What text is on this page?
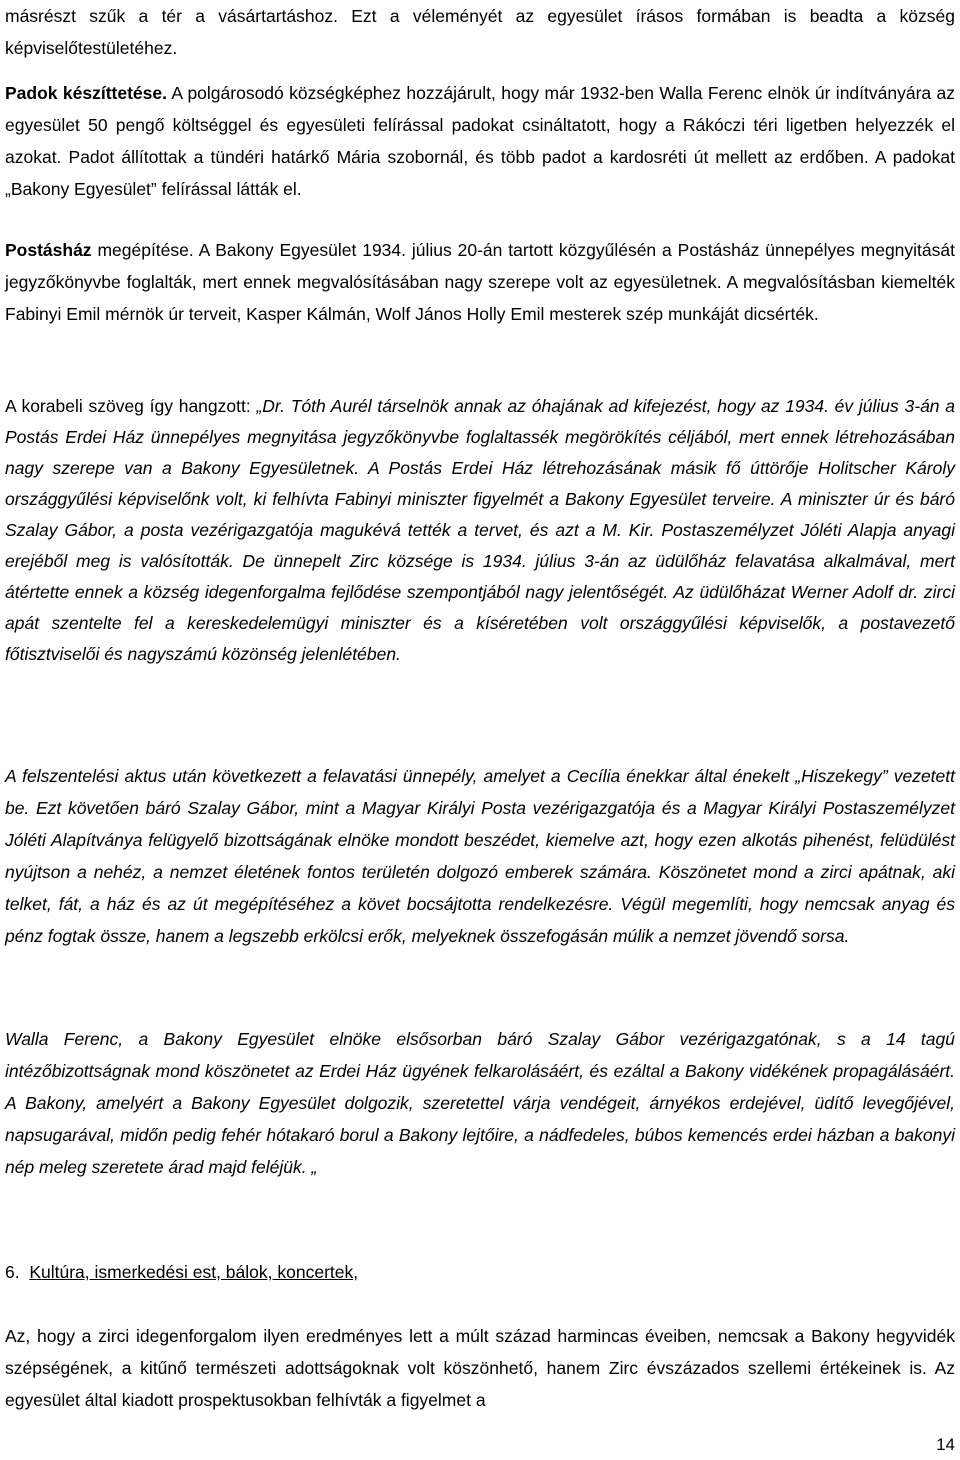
másrészt szűk a tér a vásártartáshoz. Ezt a véleményét az egyesület írásos formában is beadta a község képviselőtestületéhez.

Padok készíttetése. A polgárosodó községképhez hozzájárult, hogy már 1932-ben Walla Ferenc elnök úr indítványára az egyesület 50 pengő költséggel és egyesületi felírással padokat csináltatott, hogy a Rákóczi téri ligetben helyezzék el azokat. Padot állítottak a tündéri határkő Mária szobornál, és több padot a kardosréti út mellett az erdőben. A padokat „Bakony Egyesület” felírással látták el.

Postásház megépítése. A Bakony Egyesület 1934. július 20-án tartott közgyűlésén a Postásház ünnepélyes megnyitását jegyzőkönyvbe foglalták, mert ennek megvalósításában nagy szerepe volt az egyesületnek. A megvalósításban kiemelték Fabinyi Emil mérnök úr terveit, Kasper Kálmán, Wolf János Holly Emil mesterek szép munkáját dicsérték.

A korabeli szöveg így hangzott: „Dr. Tóth Aurél társelnök annak az óhajának ad kifejezést, hogy az 1934. év július 3-án a Postás Erdei Ház ünnepélyes megnyitása jegyzőkönyvbe foglaltassék megörökítés céljából, mert ennek létrehozásában nagy szerepe van a Bakony Egyesületnek. A Postás Erdei Ház létrehozásának másik fő úttörője Holitscher Károly országgyűlési képviselőnk volt, ki felhívta Fabinyi miniszter figyelmét a Bakony Egyesület terveire. A miniszter úr és báró Szalay Gábor, a posta vezérigazgatója magukévá tették a tervet, és azt a M. Kir. Postaszemélyzet Jóléti Alapja anyagi erejéből meg is valósították. De ünnepelt Zirc községe is 1934. július 3-án az üdülőház felavatása alkalmával, mert átértette ennek a község idegenforgalma fejlődése szempontjából nagy jelentőségét. Az üdülőházat Werner Adolf dr. zirci apát szentelte fel a kereskedelemügyi miniszter és a kíséretében volt országgyűlési képviselők, a postavezető főtisztviselői és nagyszámú közönség jelenlétében.

A felszentelési aktus után következett a felavatási ünnepély, amelyet a Cecília énekkar által énekelt „Hiszekegy” vezetett be. Ezt követően báró Szalay Gábor, mint a Magyar Királyi Posta vezérigazgatója és a Magyar Királyi Postaszemélyzet Jóléti Alapítványa felügyelő bizottságának elnöke mondott beszédet, kiemelve azt, hogy ezen alkotás pihenést, felüdülést nyújtson a nehéz, a nemzet életének fontos területén dolgozó emberek számára. Köszönetet mond a zirci apátnak, aki telket, fát, a ház és az út megépítéséhez a követ bocsájtotta rendelkezésre. Végül megemlíti, hogy nemcsak anyag és pénz fogtak össze, hanem a legszebb erkölcsi erők, melyeknek összefogásán múlik a nemzet jövendő sorsa.

Walla Ferenc, a Bakony Egyesület elnöke elsősorban báró Szalay Gábor vezérigazgatónak, s a 14 tagú intézőbizottságnak mond köszönetet az Erdei Ház ügyének felkarolásáért, és ezáltal a Bakony vidékének propagálásáért. A Bakony, amelyért a Bakony Egyesület dolgozik, szeretettel várja vendégeit, árnyékos erdejével, üdítő levegőjével, napsugarával, midőn pedig fehér hótakaró borul a Bakony lejtőire, a nádfedeles, búbos kemencés erdei házban a bakonyi nép meleg szeretete árad majd feléjük. „

6. Kultúra, ismerkedési est, bálok, koncertek,

Az, hogy a zirci idegenforgalom ilyen eredményes lett a múlt század harmincas éveiben, nemcsak a Bakony hegyvidék szépségének, a kitűnő természeti adottságoknak volt köszönhető, hanem Zirc évszázados szellemi értékeinek is. Az egyesület által kiadott prospektusokban felhívták a figyelmet a

14
